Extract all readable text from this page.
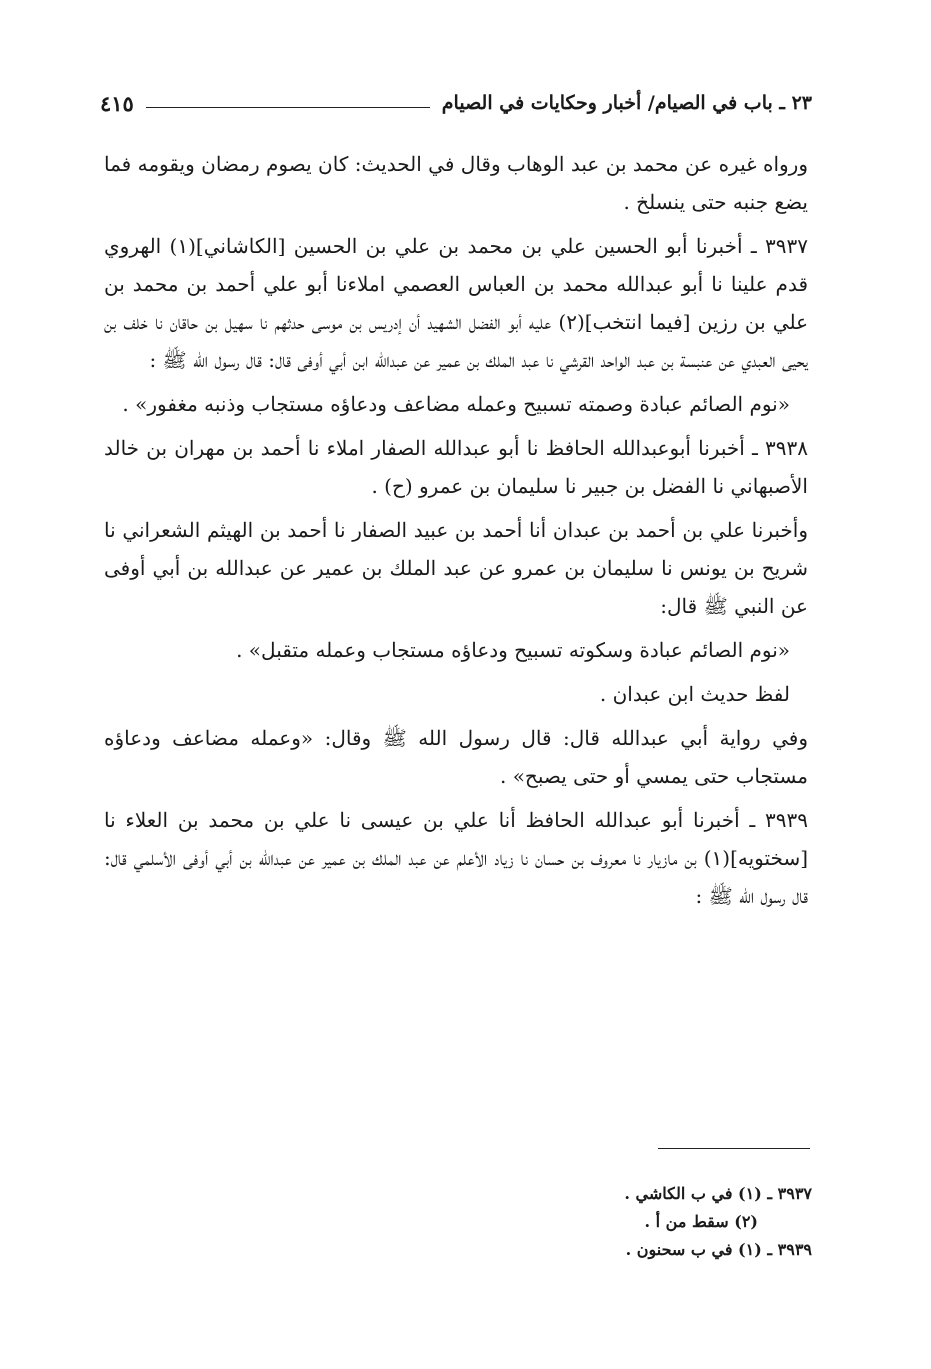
٢٣ ـ باب في الصيام/ أخبار وحكايات في الصيام
٤١٥

ورواه غيره عن محمد بن عبد الوهاب وقال في الحديث: كان يصوم رمضان ويقومه فما يضع جنبه حتى ينسلخ .

٣٩٣٧ ـ أخبرنا أبو الحسين علي بن محمد بن علي بن الحسين [الكاشاني](١) الهروي قدم علينا نا أبو عبدالله محمد بن العباس العصمي املاءنا أبو علي أحمد بن محمد بن علي بن رزين [فيما انتخب](٢) عليه أبو الفضل الشهيد أن إدريس بن موسى حدثهم نا سهيل بن حاقان نا خلف بن يحيى العبدي عن عنبسة بن عبد الواحد القرشي نا عبد الملك بن عمير عن عبدالله ابن أبي أوفى قال: قال رسول الله ﷺ :

«نوم الصائم عبادة وصمته تسبيح وعمله مضاعف ودعاؤه مستجاب وذنبه مغفور» .

٣٩٣٨ ـ أخبرنا أبوعبدالله الحافظ نا أبو عبدالله الصفار املاء نا أحمد بن مهران بن خالد الأصبهاني نا الفضل بن جبير نا سليمان بن عمرو (ح) .

وأخبرنا علي بن أحمد بن عبدان أنا أحمد بن عبيد الصفار نا أحمد بن الهيثم الشعراني نا شريح بن يونس نا سليمان بن عمرو عن عبد الملك بن عمير عن عبدالله بن أبي أوفى عن النبي ﷺ قال:

«نوم الصائم عبادة وسكوته تسبيح ودعاؤه مستجاب وعمله متقبل» .

لفظ حديث ابن عبدان .

وفي رواية أبي عبدالله قال: قال رسول الله ﷺ وقال: «وعمله مضاعف ودعاؤه مستجاب حتى يمسي أو حتى يصبح» .

٣٩٣٩ ـ أخبرنا أبو عبدالله الحافظ أنا علي بن عيسى نا علي بن محمد بن العلاء نا [سختويه](١) بن مازيار نا معروف بن حسان نا زياد الأعلم عن عبد الملك بن عمير عن عبدالله بن أبي أوفى الأسلمي قال: قال رسول الله ﷺ :

٣٩٣٧ ـ (١) في ب الكاشي .
(٢) سقط من أ .
٣٩٣٩ ـ (١) في ب سحنون .
